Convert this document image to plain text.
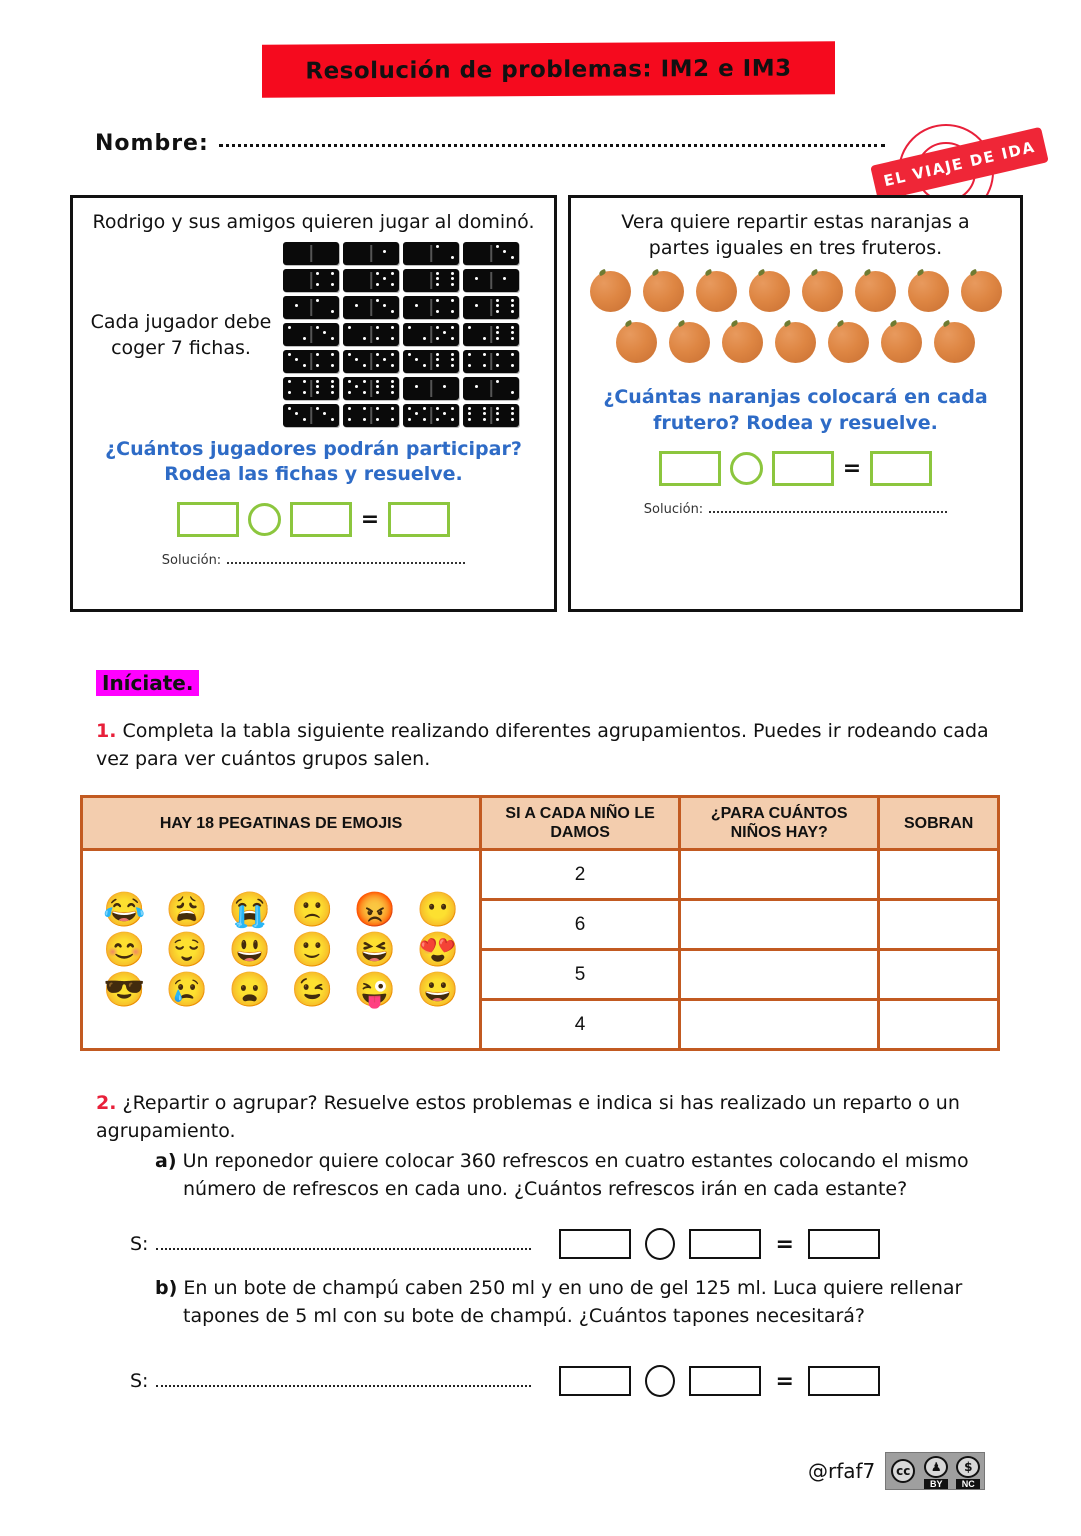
Resolución de problemas: IM2 e IM3
Nombre:	EL VIAJE DE IDA
Rodrigo y sus amigos quieren jugar al dominó.
Cada jugador debe
coger 7 fichas.
¿Cuántos jugadores podrán participar?
Rodea las fichas y resuelve.
=
Solución:
Vera quiere repartir estas naranjas a
partes iguales en tres fruteros.
¿Cuántas naranjas colocará en cada
frutero? Rodea y resuelve.
=
Solución:
Iníciate.
1. Completa la tabla siguiente realizando diferentes agrupamientos. Puedes ir rodeando cada vez para ver cuántos grupos salen.
HAY 18 PEGATINAS DE EMOJIS	SI A CADA NIÑO LE DAMOS	¿PARA CUÁNTOS NIÑOS HAY?	SOBRAN

😂 😩 😭 🙁 😡 😶
😊 😌 😃 🙂 😆 😍
😎 😢 😦 😉 😜 😀
	2		
	6		
	5		
	4		
2. ¿Repartir o agrupar? Resuelve estos problemas e indica si has realizado un reparto o un agrupamiento.
a) Un reponedor quiere colocar 360 refrescos en cuatro estantes colocando el mismo número de refrescos en cada uno. ¿Cuántos refrescos irán en cada estante?
S:	=
b) En un bote de champú caben 250 ml y en uno de gel 125 ml. Luca quiere rellenar tapones de 5 ml con su bote de champú. ¿Cuántos tapones necesitará?
S:	=
@rfaf7	cc	♟
BY
$
NC
